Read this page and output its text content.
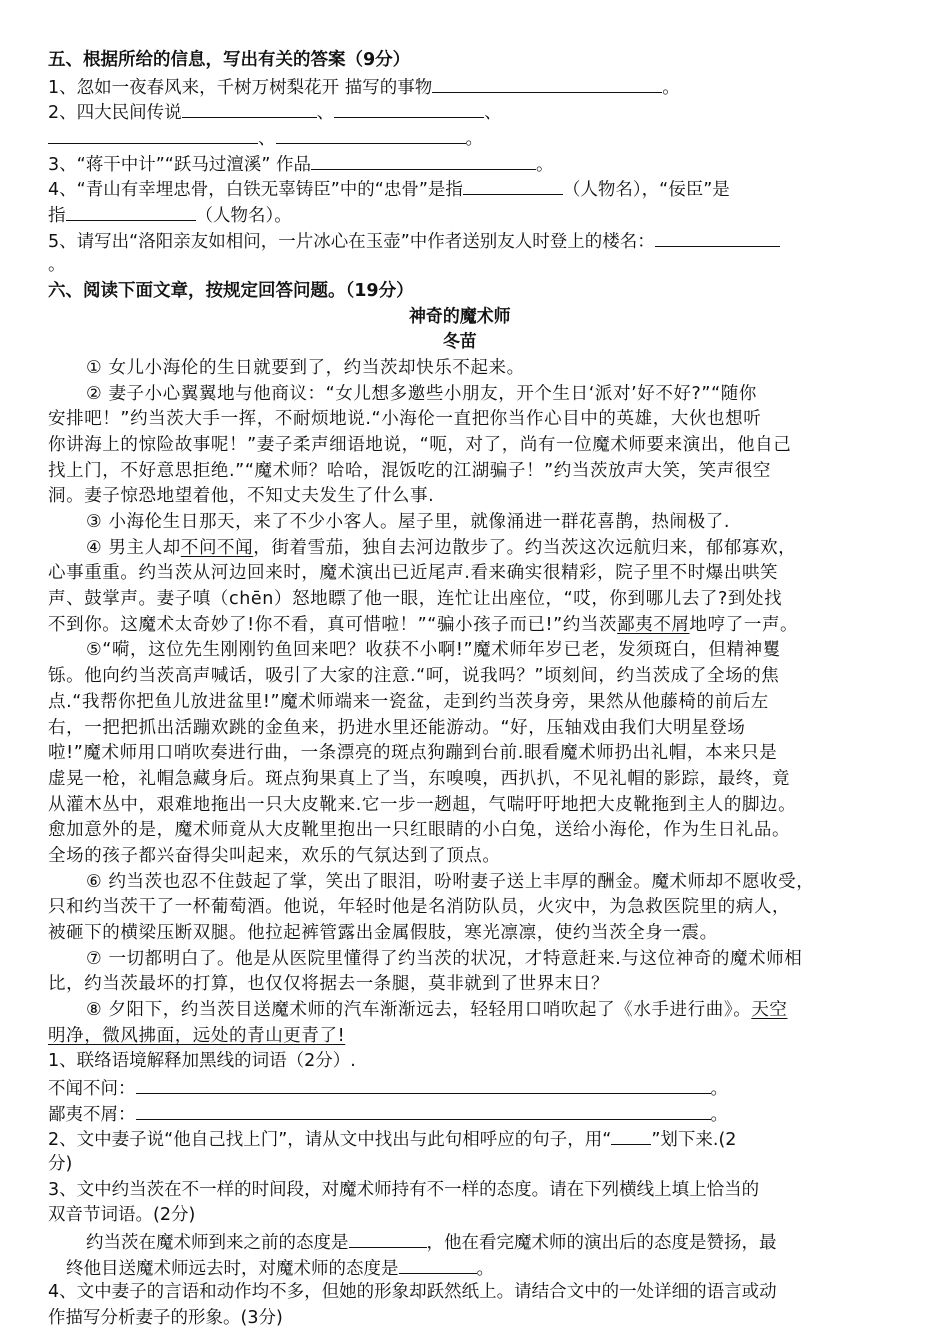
五、根据所给的信息，写出有关的答案（9分）
1、忽如一夜春风来，千树万树梨花开 描写的事物	。
2、四大民间传说	、	、
、	。
3、“蒋干中计”“跃马过澶溪” 作品	。
4、“青山有幸埋忠骨，白铁无辜铸臣”中的“忠骨”是指	（人物名），“佞臣”是
指	（人物名）。
5、请写出“洛阳亲友如相问，一片冰心在玉壶”中作者送别友人时登上的楼名：
。
六、阅读下面文章，按规定回答问题。（19分）
神奇的魔术师
冬苗
① 女儿小海伦的生日就要到了，约当茨却快乐不起来。
② 妻子小心翼翼地与他商议：“女儿想多邀些小朋友，开个生日‘派对’好不好?”“随你
安排吧！”约当茨大手一挥，不耐烦地说.“小海伦一直把你当作心目中的英雄，大伙也想听
你讲海上的惊险故事呢！”妻子柔声细语地说，“呃，对了，尚有一位魔术师要来演出，他自己
找上门，不好意思拒绝.”“魔术师？哈哈，混饭吃的江湖骗子！”约当茨放声大笑，笑声很空
洞。妻子惊恐地望着他，不知丈夫发生了什么事.
③ 小海伦生日那天，来了不少小客人。屋子里，就像涌进一群花喜鹊，热闹极了.
④ 男主人却不问不闻，街着雪茄，独自去河边散步了。约当茨这次远航归来，郁郁寡欢，
心事重重。约当茨从河边回来时，魔术演出已近尾声.看来确实很精彩，院子里不时爆出哄笑
声、鼓掌声。妻子嗔（chēn）怒地瞟了他一眼，连忙让出座位，“哎，你到哪儿去了?到处找
不到你。这魔术太奇妙了!你不看，真可惜啦！”“骗小孩子而已!”约当茨鄙夷不屑地哼了一声。
⑤“嗬，这位先生刚刚钓鱼回来吧？收获不小啊!”魔术师年岁已老，发须斑白，但精神矍
铄。他向约当茨高声喊话，吸引了大家的注意.“呵，说我吗？”顷刻间，约当茨成了全场的焦
点.“我帮你把鱼儿放进盆里!”魔术师端来一瓷盆，走到约当茨身旁，果然从他藤椅的前后左
右，一把把抓出活蹦欢跳的金鱼来，扔进水里还能游动。“好，压轴戏由我们大明星登场
啦!”魔术师用口哨吹奏进行曲，一条漂亮的斑点狗蹦到台前.眼看魔术师扔出礼帽，本来只是
虚晃一枪，礼帽急藏身后。斑点狗果真上了当，东嗅嗅，西扒扒，不见礼帽的影踪，最终，竟
从灌木丛中，艰难地拖出一只大皮靴来.它一步一趔趄，气喘吁吁地把大皮靴拖到主人的脚边。
愈加意外的是，魔术师竟从大皮靴里抱出一只红眼睛的小白兔，送给小海伦，作为生日礼品。
全场的孩子都兴奋得尖叫起来，欢乐的气氛达到了顶点。
⑥ 约当茨也忍不住鼓起了掌，笑出了眼泪，吩咐妻子送上丰厚的酬金。魔术师却不愿收受，
只和约当茨干了一杯葡萄酒。他说，年轻时他是名消防队员，火灾中，为急救医院里的病人，
被砸下的横梁压断双腿。他拉起裤管露出金属假肢，寒光凛凛，使约当茨全身一震。
⑦ 一切都明白了。他是从医院里懂得了约当茨的状况，才特意赶来.与这位神奇的魔术师相
比，约当茨最坏的打算，也仅仅将据去一条腿，莫非就到了世界末日？
⑧ 夕阳下，约当茨目送魔术师的汽车渐渐远去，轻轻用口哨吹起了《水手进行曲》。天空
明净，微风拂面，远处的青山更青了!
1、联络语境解释加黑线的词语（2分）.
不闻不问：	。
鄙夷不屑：	。
2、文中妻子说“他自己找上门”，请从文中找出与此句相呼应的句子，用“ ”划下来.(2
分)
3、文中约当茨在不一样的时间段，对魔术师持有不一样的态度。请在下列横线上填上恰当的
双音节词语。(2分)
约当茨在魔术师到来之前的态度是	，他在看完魔术师的演出后的态度是赞扬，最
终他目送魔术师远去时，对魔术师的态度是	。
4、文中妻子的言语和动作均不多，但她的形象却跃然纸上。请结合文中的一处详细的语言或动
作描写分析妻子的形象。(3分)
